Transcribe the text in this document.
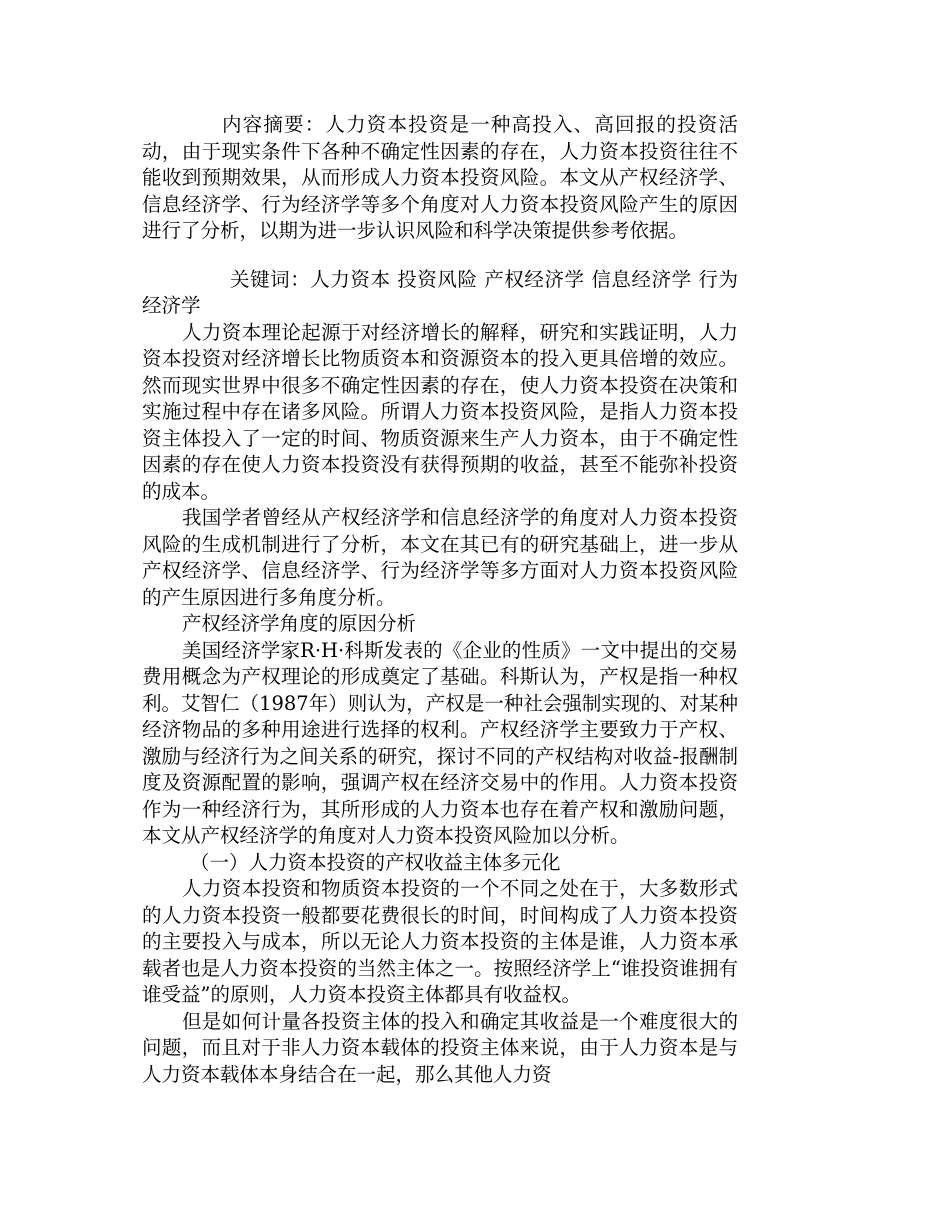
内容摘要：人力资本投资是一种高投入、高回报的投资活动，由于现实条件下各种不确定性因素的存在，人力资本投资往往不能收到预期效果，从而形成人力资本投资风险。本文从产权经济学、信息经济学、行为经济学等多个角度对人力资本投资风险产生的原因进行了分析，以期为进一步认识风险和科学决策提供参考依据。

关键词：人力资本 投资风险 产权经济学 信息经济学 行为经济学

人力资本理论起源于对经济增长的解释，研究和实践证明，人力资本投资对经济增长比物质资本和资源资本的投入更具倍增的效应。然而现实世界中很多不确定性因素的存在，使人力资本投资在决策和实施过程中存在诸多风险。所谓人力资本投资风险，是指人力资本投资主体投入了一定的时间、物质资源来生产人力资本，由于不确定性因素的存在使人力资本投资没有获得预期的收益，甚至不能弥补投资的成本。

我国学者曾经从产权经济学和信息经济学的角度对人力资本投资风险的生成机制进行了分析，本文在其已有的研究基础上，进一步从产权经济学、信息经济学、行为经济学等多方面对人力资本投资风险的产生原因进行多角度分析。

产权经济学角度的原因分析

美国经济学家R·H·科斯发表的《企业的性质》一文中提出的交易费用概念为产权理论的形成奠定了基础。科斯认为，产权是指一种权利。艾智仁（1987年）则认为，产权是一种社会强制实现的、对某种经济物品的多种用途进行选择的权利。产权经济学主要致力于产权、激励与经济行为之间关系的研究，探讨不同的产权结构对收益-报酬制度及资源配置的影响，强调产权在经济交易中的作用。人力资本投资作为一种经济行为，其所形成的人力资本也存在着产权和激励问题，本文从产权经济学的角度对人力资本投资风险加以分析。

（一）人力资本投资的产权收益主体多元化

人力资本投资和物质资本投资的一个不同之处在于，大多数形式的人力资本投资一般都要花费很长的时间，时间构成了人力资本投资的主要投入与成本，所以无论人力资本投资的主体是谁，人力资本承载者也是人力资本投资的当然主体之一。按照经济学上“谁投资谁拥有谁受益”的原则，人力资本投资主体都具有收益权。

但是如何计量各投资主体的投入和确定其收益是一个难度很大的问题，而且对于非人力资本载体的投资主体来说，由于人力资本是与人力资本载体本身结合在一起，那么其他人力资
